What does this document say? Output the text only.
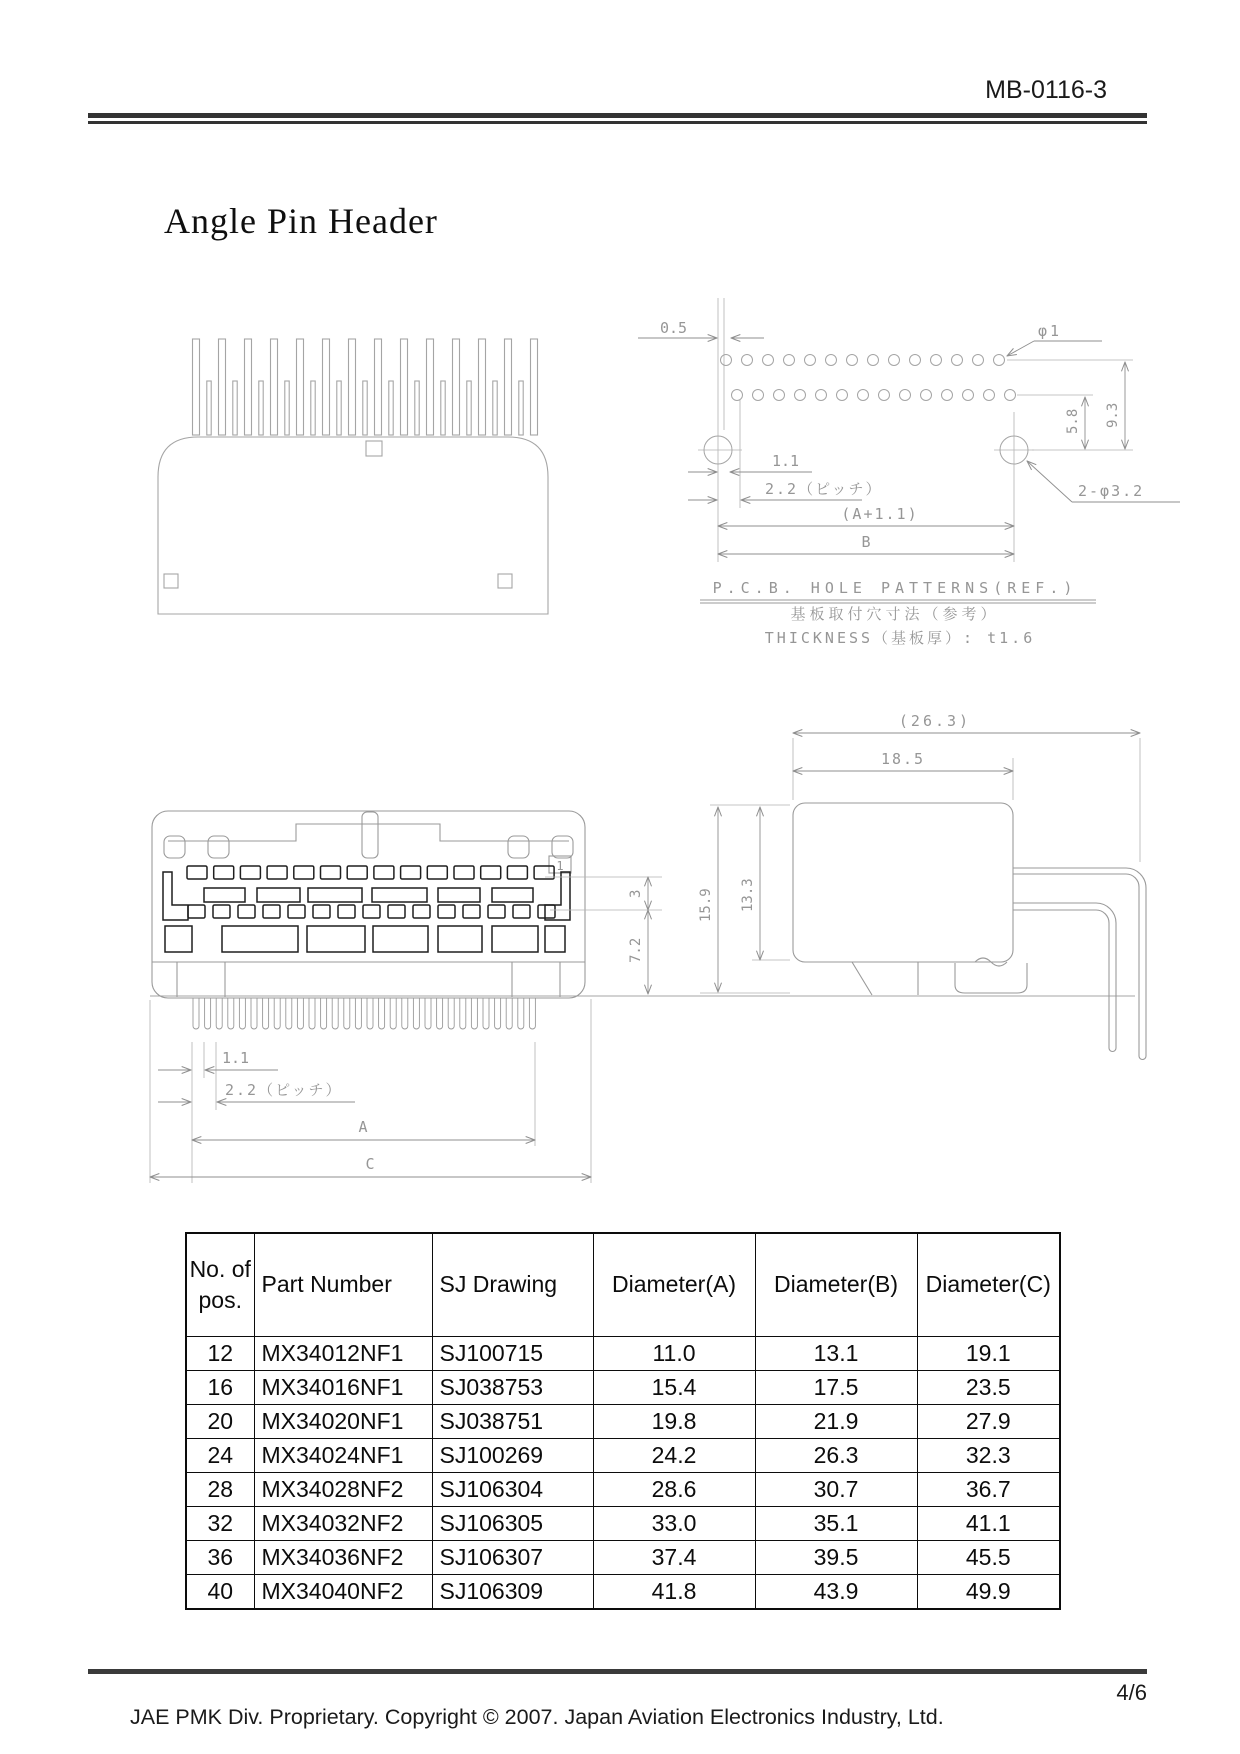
MB-0116-3
Angle Pin Header
0.5	φ1
5.8 9.3
1.1
2.2（ピッチ）
(A+1.1)
B
2-φ3.2
P.C.B. HOLE PATTERNS(REF.)
基板取付穴寸法（参考）
THICKNESS（基板厚）: t1.6
1
3
7.2
1.1
2.2（ピッチ）
A
C
(26.3)
18.5
15.9 13.3
No. of pos.	Part Number	SJ Drawing	Diameter(A)	Diameter(B)	Diameter(C)
12	MX34012NF1	SJ100715	11.0	13.1	19.1
16	MX34016NF1	SJ038753	15.4	17.5	23.5
20	MX34020NF1	SJ038751	19.8	21.9	27.9
24	MX34024NF1	SJ100269	24.2	26.3	32.3
28	MX34028NF2	SJ106304	28.6	30.7	36.7
32	MX34032NF2	SJ106305	33.0	35.1	41.1
36	MX34036NF2	SJ106307	37.4	39.5	45.5
40	MX34040NF2	SJ106309	41.8	43.9	49.9
4/6
JAE PMK Div. Proprietary. Copyright © 2007. Japan Aviation Electronics Industry, Ltd.
